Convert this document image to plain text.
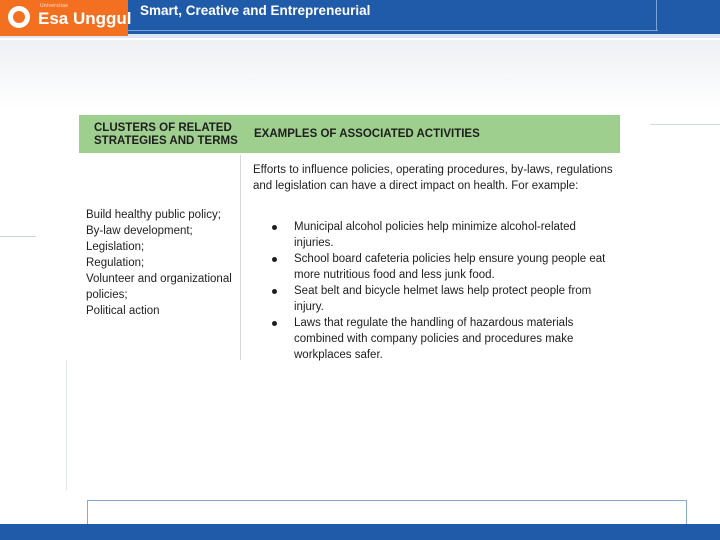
Universitas
Esa Unggul Smart, Creative and Entrepreneurial
CLUSTERS OF RELATED
STRATEGIES AND TERMS
EXAMPLES OF ASSOCIATED ACTIVITIES
Build healthy public policy;
By-law development;
Legislation;
Regulation;
Volunteer and organizational
policies;
Political action
Efforts to influence policies, operating procedures, by-laws, regulations and legislation can have a direct impact on health. For example:
Municipal alcohol policies help minimize alcohol-related injuries.
School board cafeteria policies help ensure young people eat more nutritious food and less junk food.
Seat belt and bicycle helmet laws help protect people from injury.
Laws that regulate the handling of hazardous materials combined with company policies and procedures make workplaces safer.
